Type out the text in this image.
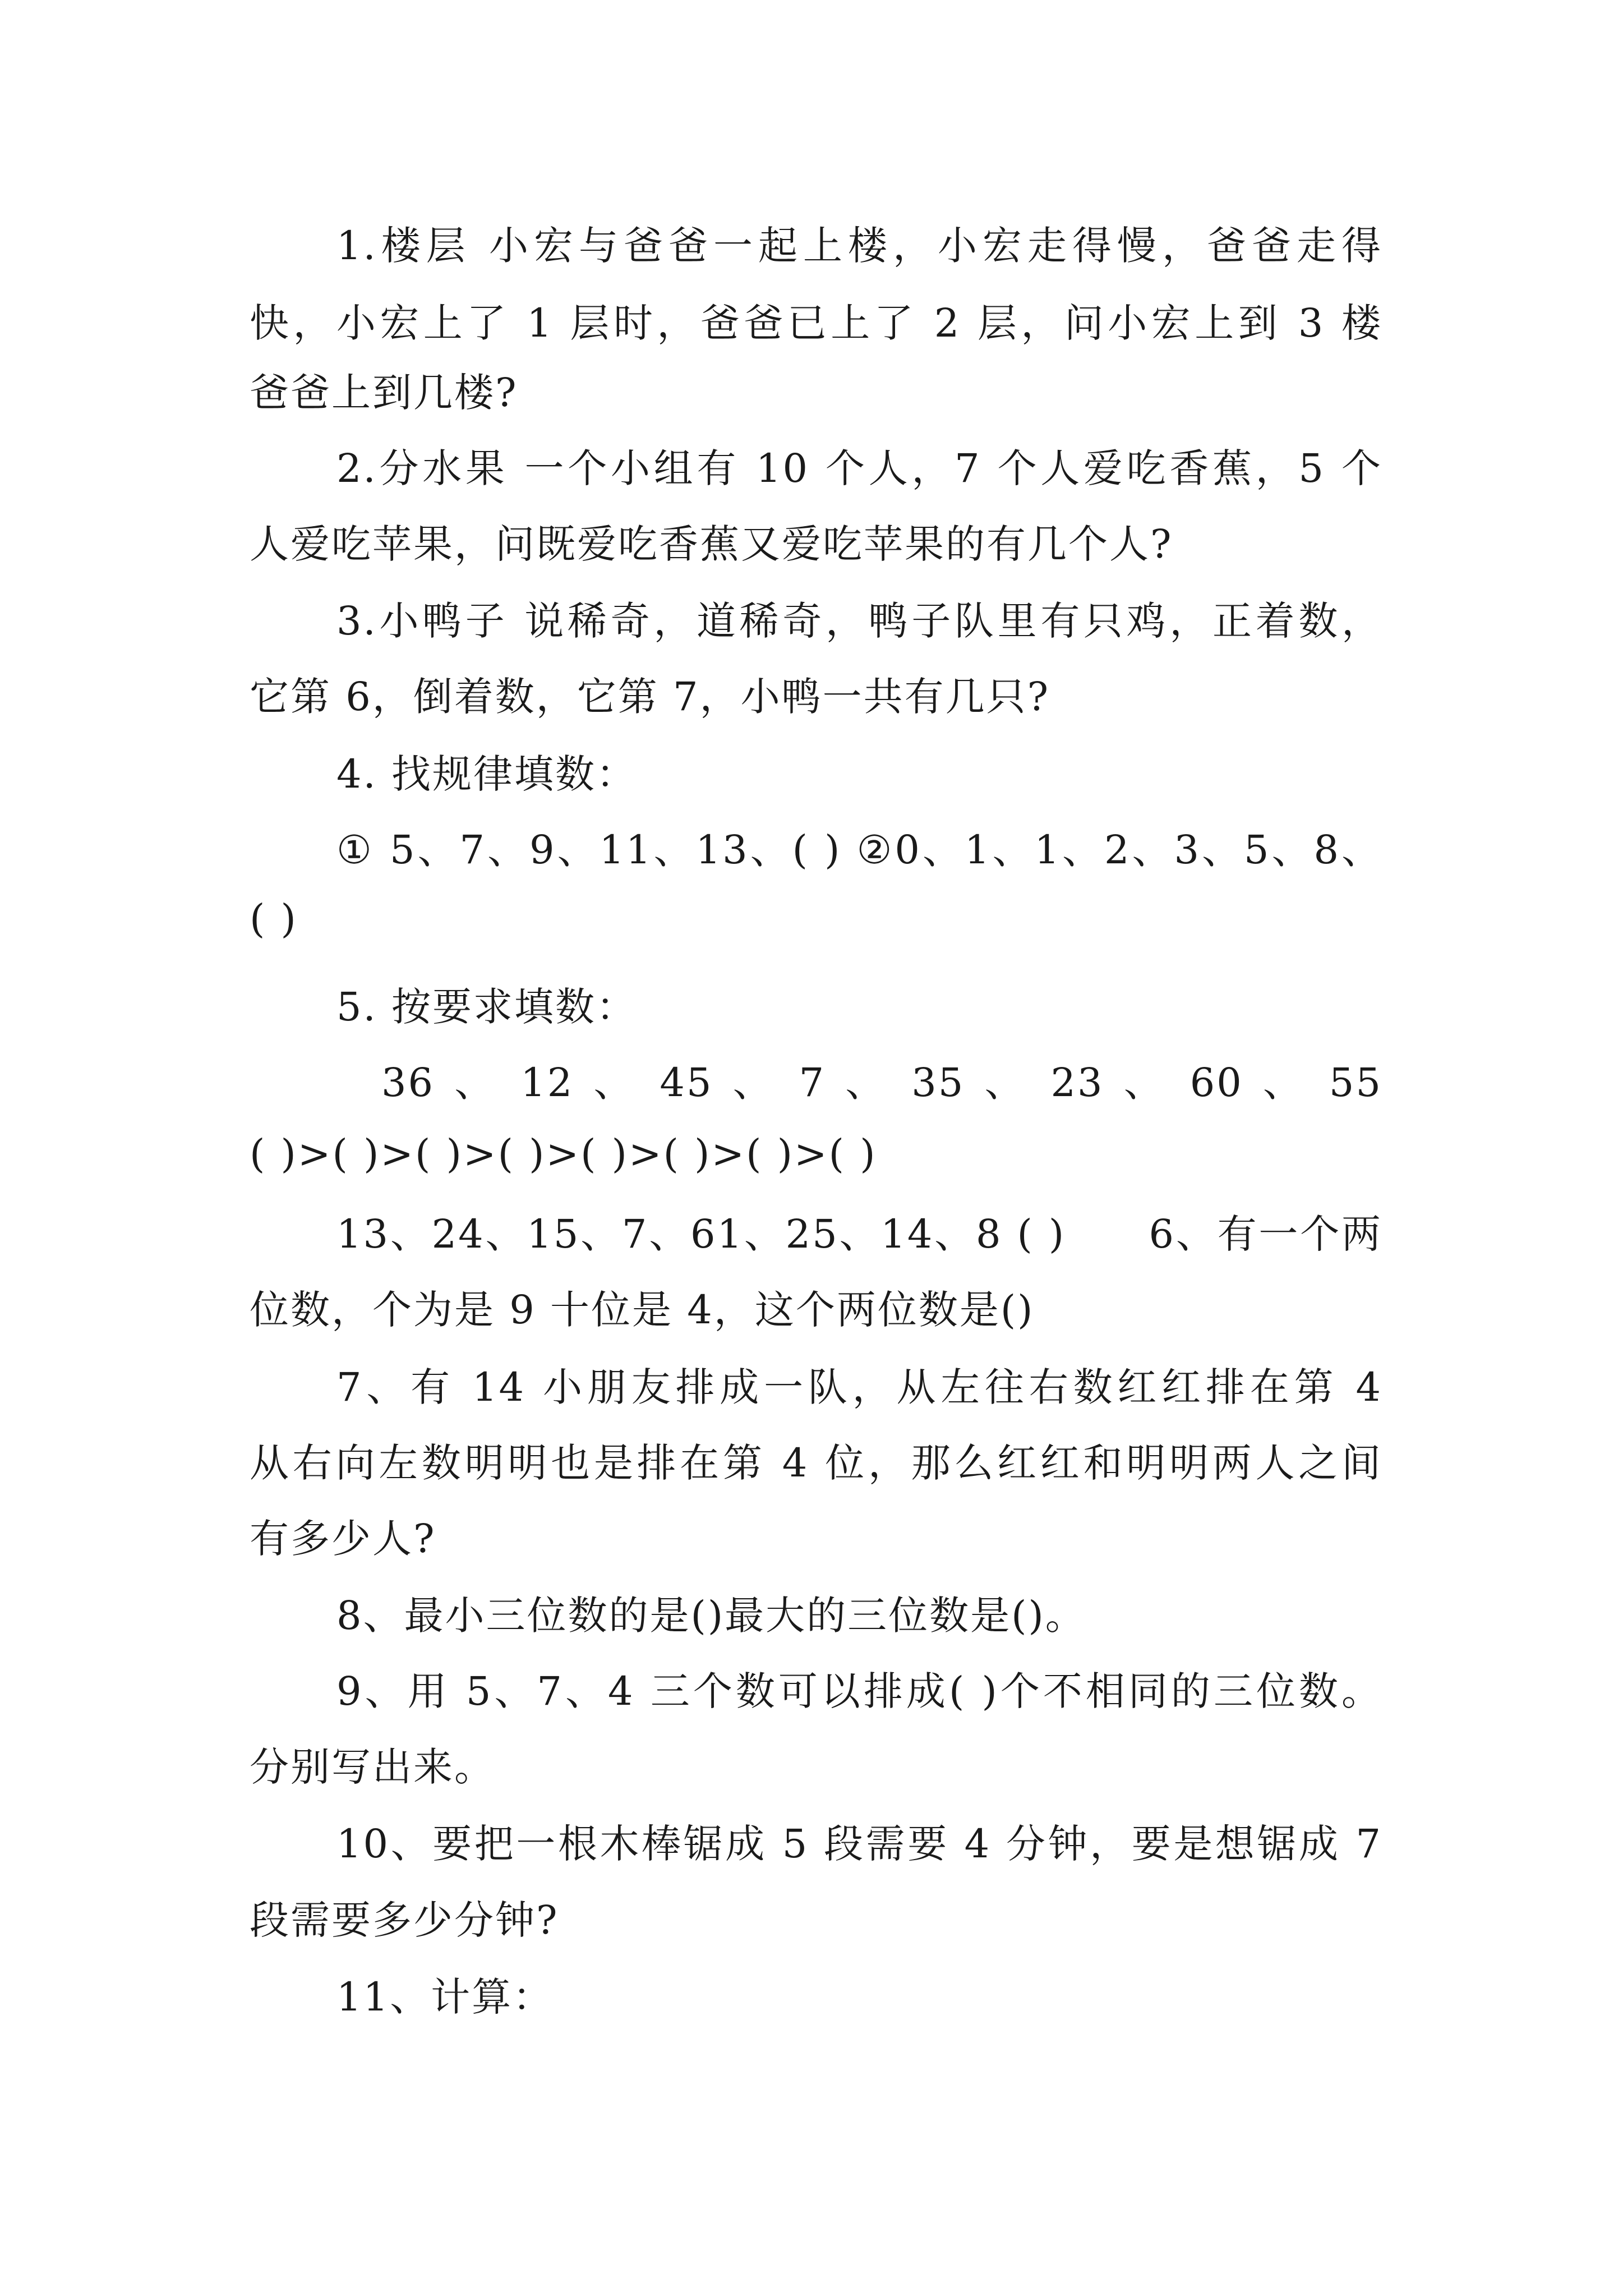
1.楼层 小宏与爸爸一起上楼，小宏走得慢，爸爸走得
快，小宏上了 1 层时，爸爸已上了 2 层，问小宏上到 3 楼
爸爸上到几楼?
2.分水果 一个小组有 10 个人，7 个人爱吃香蕉，5 个
人爱吃苹果，问既爱吃香蕉又爱吃苹果的有几个人?
3.小鸭子 说稀奇，道稀奇，鸭子队里有只鸡，正着数，
它第 6，倒着数，它第 7，小鸭一共有几只?
4. 找规律填数：
① 5、7、9、11、13、( ) ②0、1、1、2、3、5、8、
( )
5. 按要求填数：
36 、 12 、 45 、 7 、 35 、 23 、 60 、 55
( )>( )>( )>( )>( )>( )>( )>( )
13、24、15、7、61、25、14、8 ( )　　6、有一个两
位数，个为是 9 十位是 4，这个两位数是()
7、有 14 小朋友排成一队，从左往右数红红排在第 4
从右向左数明明也是排在第 4 位，那么红红和明明两人之间
有多少人?
8、最小三位数的是()最大的三位数是()。
9、用 5、7、4 三个数可以排成( )个不相同的三位数。
分别写出来。
10、要把一根木棒锯成 5 段需要 4 分钟，要是想锯成 7
段需要多少分钟?
11、计算：
